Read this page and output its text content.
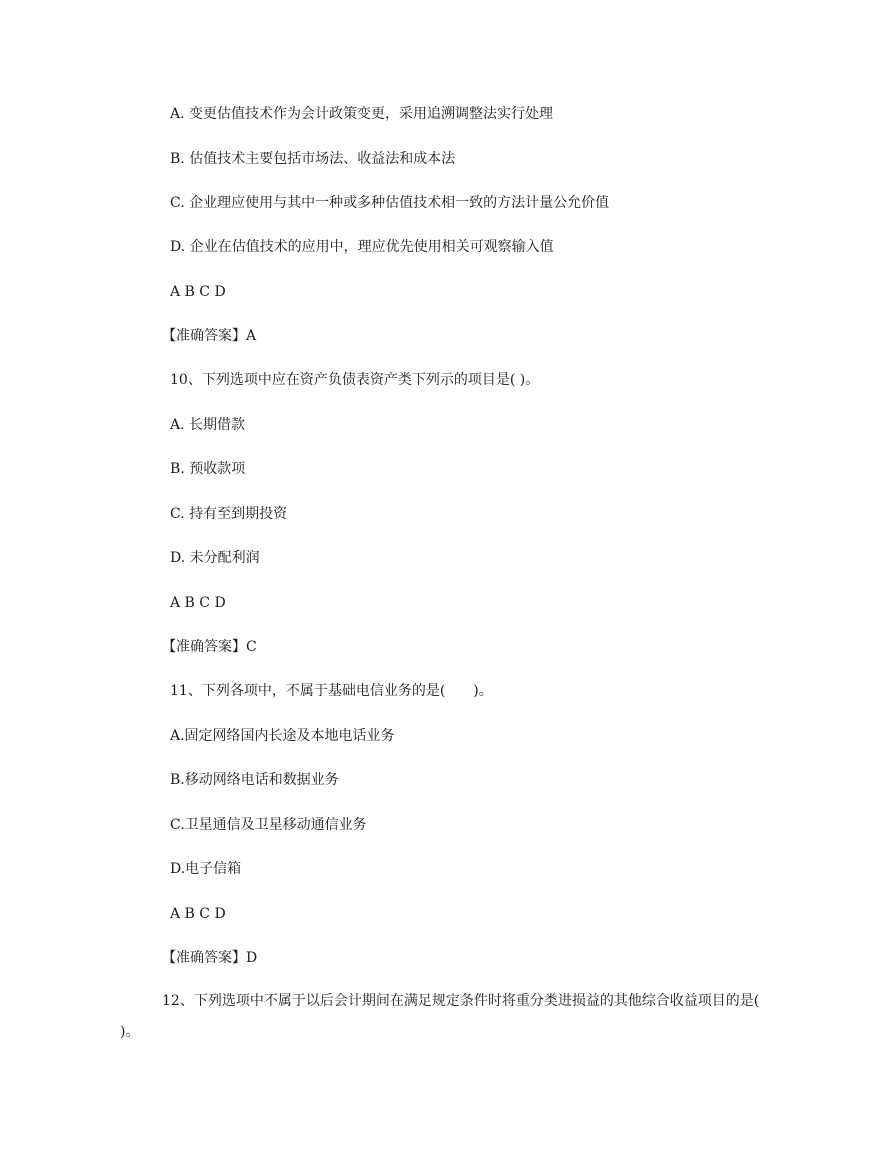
A. 变更估值技术作为会计政策变更，采用追溯调整法实行处理
B. 估值技术主要包括市场法、收益法和成本法
C. 企业理应使用与其中一种或多种估值技术相一致的方法计量公允价值
D. 企业在估值技术的应用中，理应优先使用相关可观察输入值
A B C D
【准确答案】A
10、下列选项中应在资产负债表资产类下列示的项目是( )。
A. 长期借款
B. 预收款项
C. 持有至到期投资
D. 未分配利润
A B C D
【准确答案】C
11、下列各项中，不属于基础电信业务的是(　　)。
A.固定网络国内长途及本地电话业务
B.移动网络电话和数据业务
C.卫星通信及卫星移动通信业务
D.电子信箱
A B C D
【准确答案】D
12、下列选项中不属于以后会计期间在满足规定条件时将重分类进损益的其他综合收益项目的是( )。
